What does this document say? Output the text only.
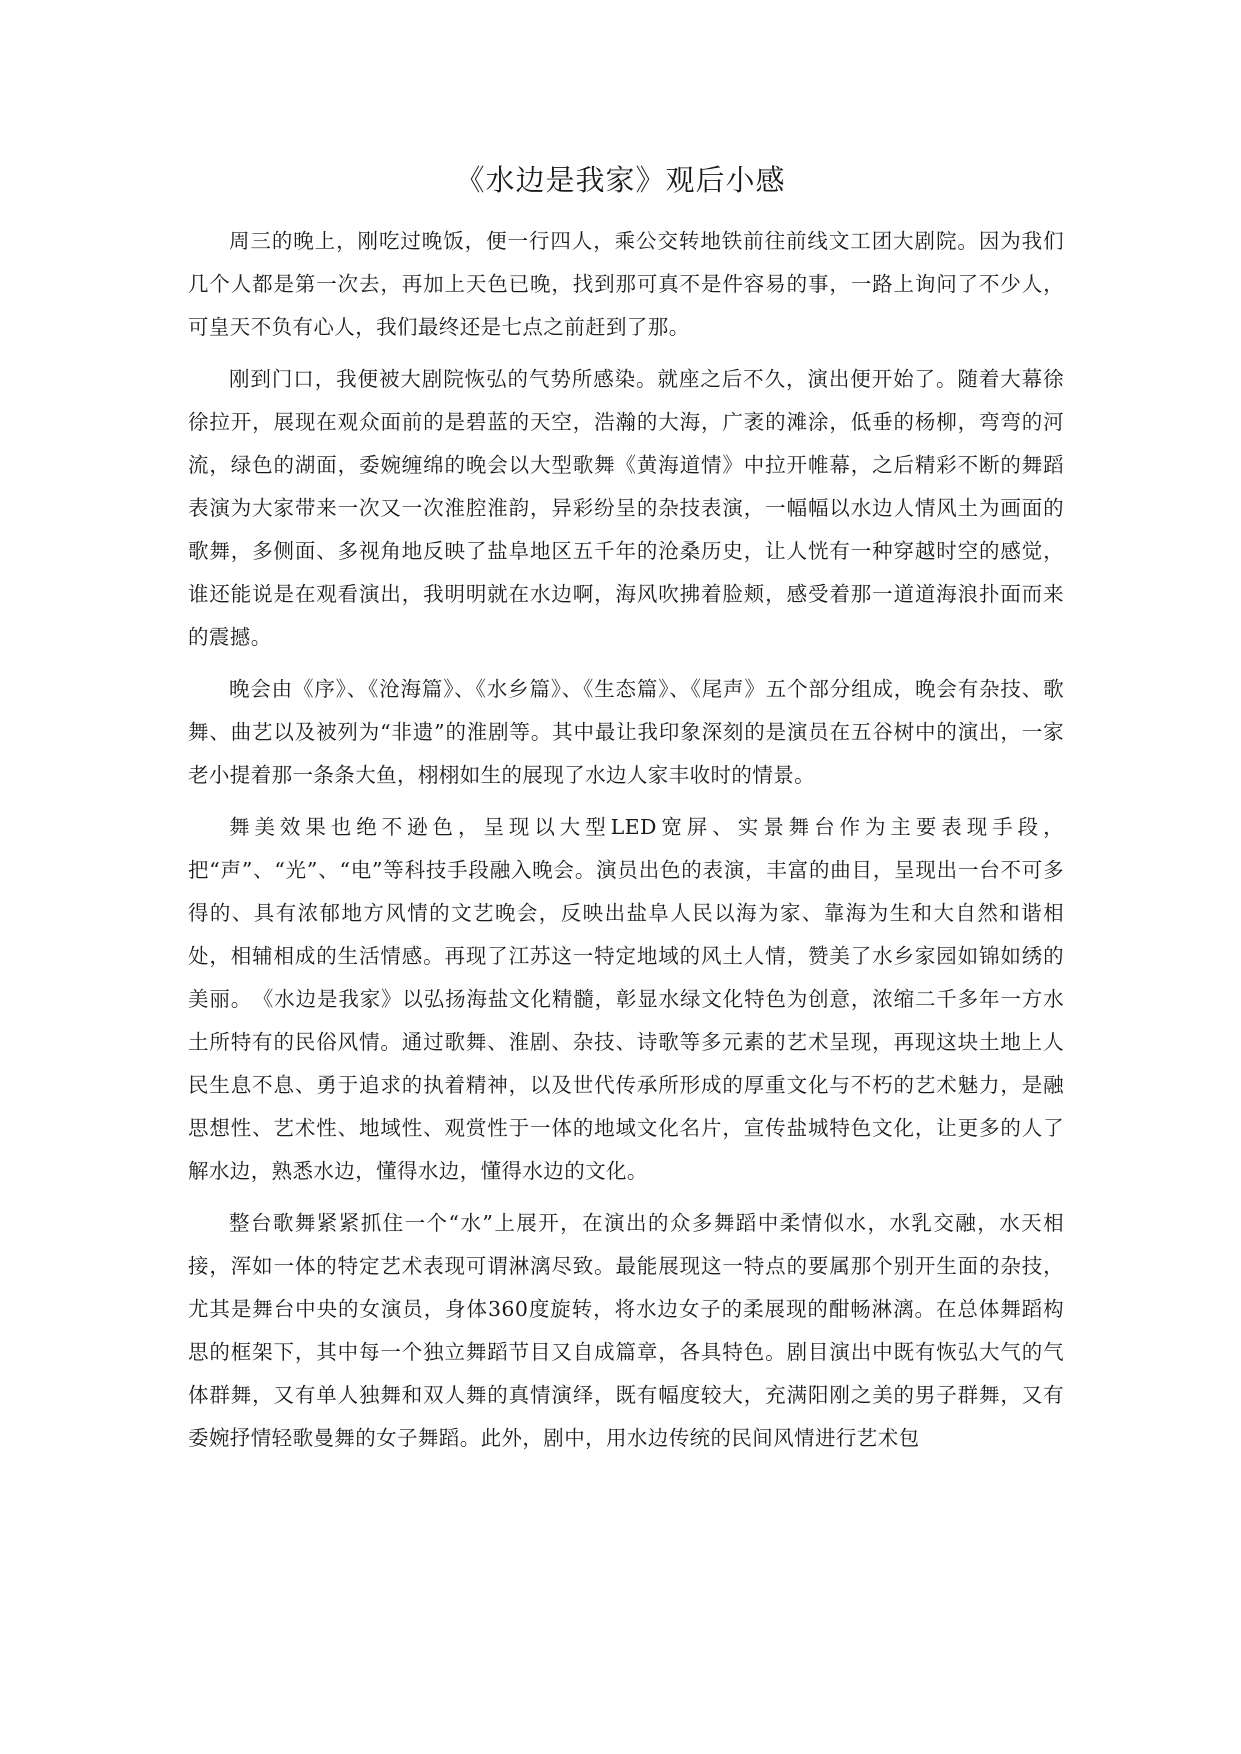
《水边是我家》观后小感

周三的晚上，刚吃过晚饭，便一行四人，乘公交转地铁前往前线文工团大剧院。因为我们几个人都是第一次去，再加上天色已晚，找到那可真不是件容易的事，一路上询问了不少人，可皇天不负有心人，我们最终还是七点之前赶到了那。

刚到门口，我便被大剧院恢弘的气势所感染。就座之后不久，演出便开始了。随着大幕徐徐拉开，展现在观众面前的是碧蓝的天空，浩瀚的大海，广袤的滩涂，低垂的杨柳，弯弯的河流，绿色的湖面，委婉缠绵的晚会以大型歌舞《黄海道情》中拉开帷幕，之后精彩不断的舞蹈表演为大家带来一次又一次淮腔淮韵，异彩纷呈的杂技表演，一幅幅以水边人情风土为画面的歌舞，多侧面、多视角地反映了盐阜地区五千年的沧桑历史，让人恍有一种穿越时空的感觉，谁还能说是在观看演出，我明明就在水边啊，海风吹拂着脸颊，感受着那一道道海浪扑面而来的震撼。

晚会由《序》、《沧海篇》、《水乡篇》、《生态篇》、《尾声》五个部分组成，晚会有杂技、歌舞、曲艺以及被列为“非遗”的淮剧等。其中最让我印象深刻的是演员在五谷树中的演出，一家老小提着那一条条大鱼，栩栩如生的展现了水边人家丰收时的情景。

舞美效果也绝不逊色，呈现以大型LED宽屏、实景舞台作为主要表现手段，把“声”、“光”、“电”等科技手段融入晚会。演员出色的表演，丰富的曲目，呈现出一台不可多得的、具有浓郁地方风情的文艺晚会，反映出盐阜人民以海为家、靠海为生和大自然和谐相处，相辅相成的生活情感。再现了江苏这一特定地域的风土人情，赞美了水乡家园如锦如绣的美丽。　《水边是我家》以弘扬海盐文化精髓，彰显水绿文化特色为创意，浓缩二千多年一方水土所特有的民俗风情。通过歌舞、淮剧、杂技、诗歌等多元素的艺术呈现，再现这块土地上人民生息不息、勇于追求的执着精神，以及世代传承所形成的厚重文化与不朽的艺术魅力，是融思想性、艺术性、地域性、观赏性于一体的地域文化名片，宣传盐城特色文化，让更多的人了解水边，熟悉水边，懂得水边，懂得水边的文化。

整台歌舞紧紧抓住一个“水”上展开，在演出的众多舞蹈中柔情似水，水乳交融，水天相接，浑如一体的特定艺术表现可谓淋漓尽致。最能展现这一特点的要属那个别开生面的杂技，尤其是舞台中央的女演员，身体360度旋转，将水边女子的柔展现的酣畅淋漓。在总体舞蹈构思的框架下，其中每一个独立舞蹈节目又自成篇章，各具特色。剧目演出中既有恢弘大气的气体群舞，又有单人独舞和双人舞的真情演绎，既有幅度较大，充满阳刚之美的男子群舞，又有委婉抒情轻歌曼舞的女子舞蹈。此外，剧中，用水边传统的民间风情进行艺术包
